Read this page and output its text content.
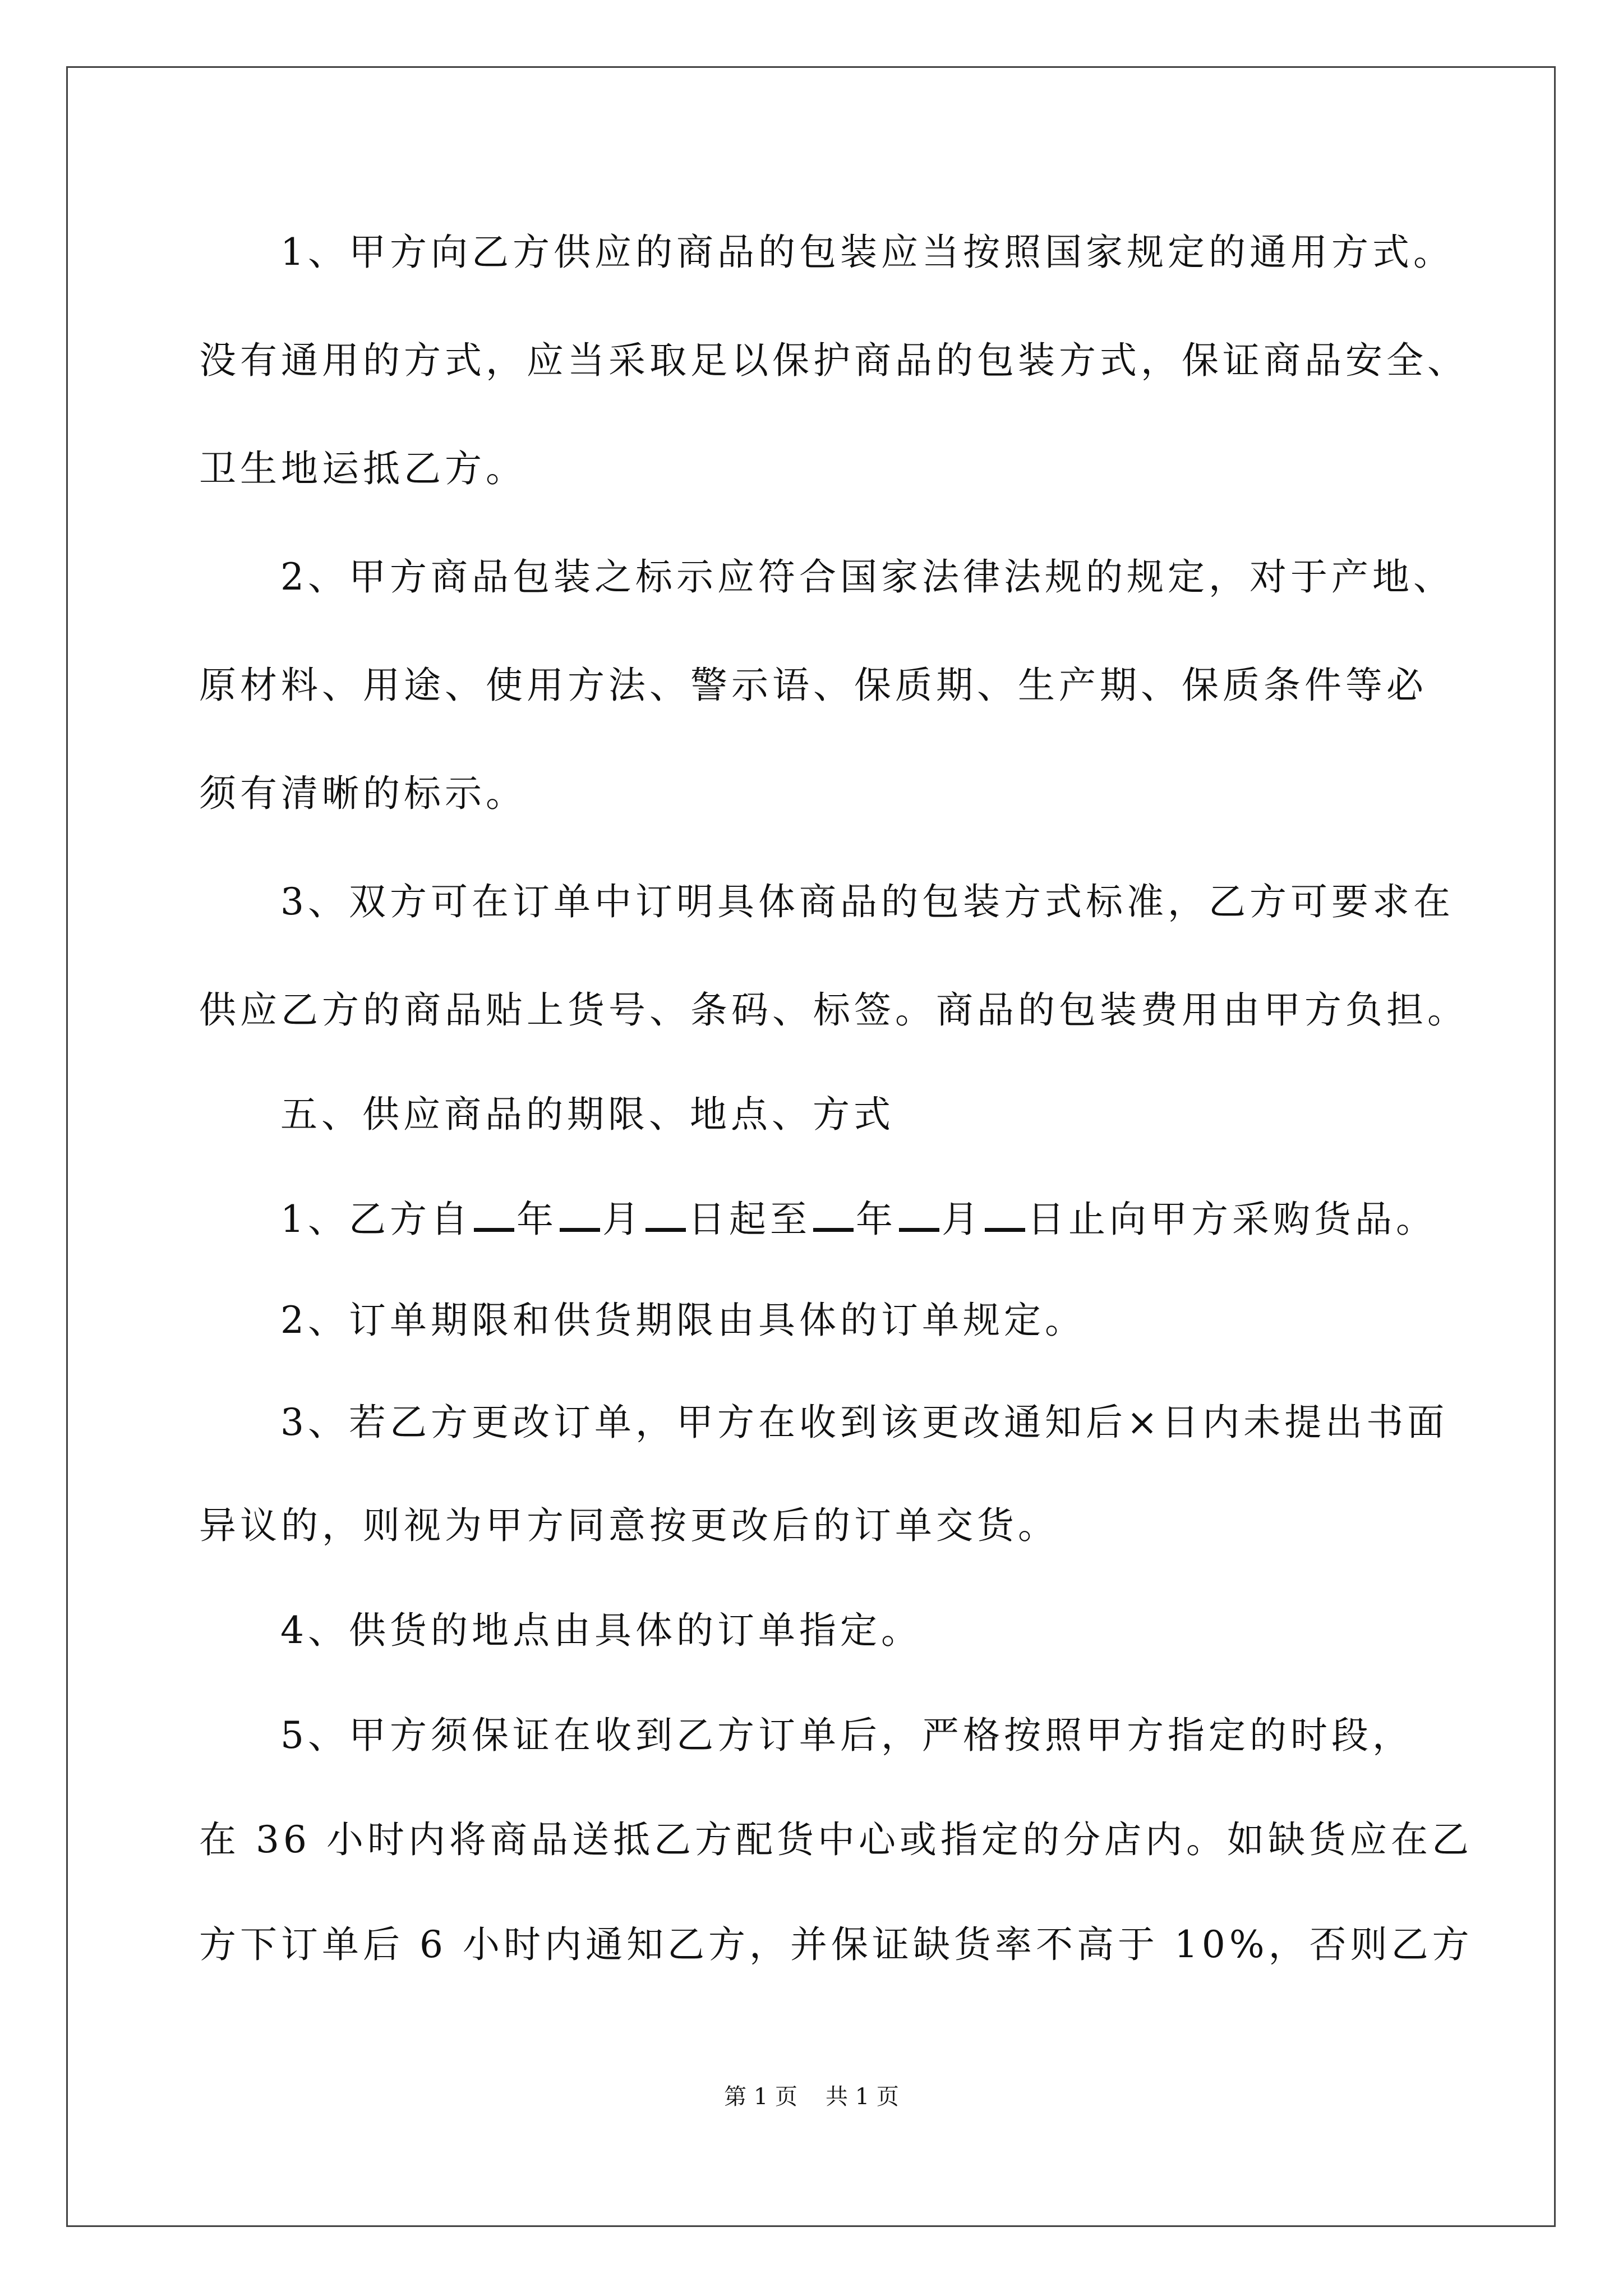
1、甲方向乙方供应的商品的包装应当按照国家规定的通用方式。
没有通用的方式，应当采取足以保护商品的包装方式，保证商品安全、
卫生地运抵乙方。
2、甲方商品包装之标示应符合国家法律法规的规定，对于产地、
原材料、用途、使用方法、警示语、保质期、生产期、保质条件等必
须有清晰的标示。
3、双方可在订单中订明具体商品的包装方式标准，乙方可要求在
供应乙方的商品贴上货号、条码、标签。商品的包装费用由甲方负担。
五、供应商品的期限、地点、方式
1、乙方自 年 月 日起至 年 月 日止向甲方采购货品。
2、订单期限和供货期限由具体的订单规定。
3、若乙方更改订单，甲方在收到该更改通知后×日内未提出书面
异议的，则视为甲方同意按更改后的订单交货。
4、供货的地点由具体的订单指定。
5、甲方须保证在收到乙方订单后，严格按照甲方指定的时段，
在 36 小时内将商品送抵乙方配货中心或指定的分店内。如缺货应在乙
方下订单后 6 小时内通知乙方，并保证缺货率不高于 10%，否则乙方
第 1 页 共 1 页
